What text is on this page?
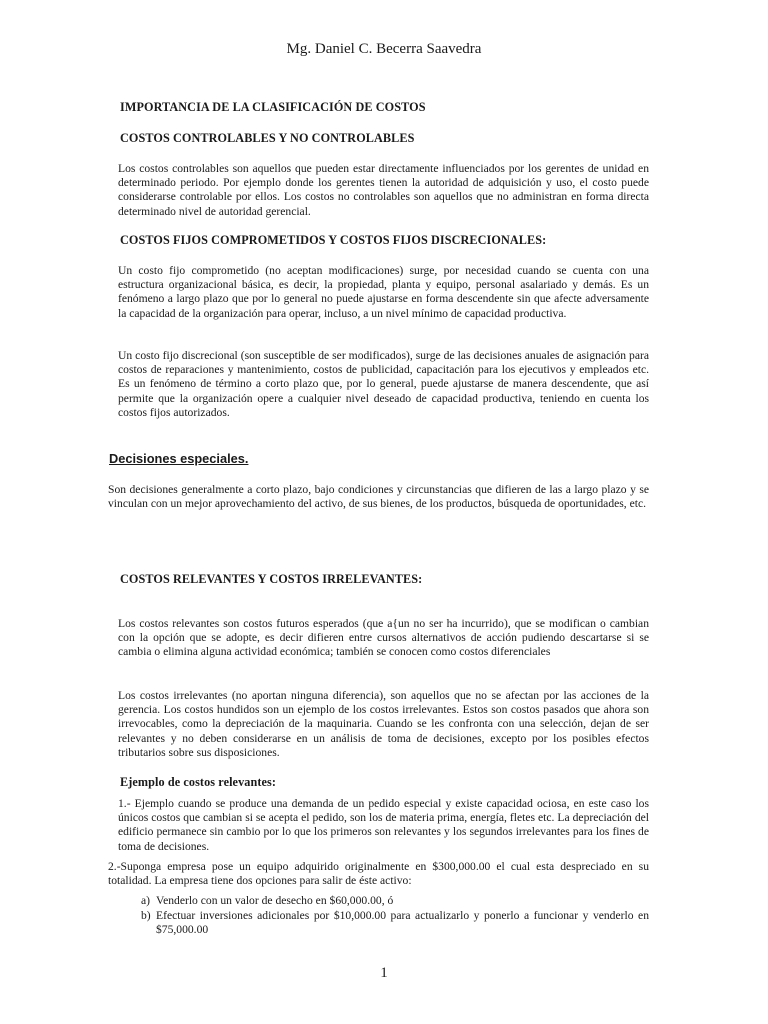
Mg. Daniel C. Becerra Saavedra
IMPORTANCIA DE LA CLASIFICACIÓN DE COSTOS
COSTOS CONTROLABLES Y NO CONTROLABLES
Los costos controlables son aquellos que pueden estar directamente influenciados por los gerentes de unidad en determinado periodo. Por ejemplo donde los gerentes tienen la autoridad de adquisición y uso, el costo puede considerarse controlable por ellos. Los costos no controlables son aquellos que no administran en forma directa determinado nivel de autoridad gerencial.
COSTOS FIJOS COMPROMETIDOS Y COSTOS FIJOS DISCRECIONALES:
Un costo fijo comprometido (no aceptan modificaciones) surge, por necesidad cuando se cuenta con una estructura organizacional básica, es decir, la propiedad, planta y equipo, personal asalariado y demás. Es un fenómeno a largo plazo que por lo general no puede ajustarse en forma descendente sin que afecte adversamente la capacidad de la organización para operar, incluso, a un nivel mínimo de capacidad productiva.
Un costo fijo discrecional (son susceptible de ser modificados), surge de las decisiones anuales de asignación para costos de reparaciones y mantenimiento, costos de publicidad, capacitación para los ejecutivos y empleados etc. Es un fenómeno de término a corto plazo que, por lo general, puede ajustarse de manera descendente, que así permite que la organización opere a cualquier nivel deseado de capacidad productiva, teniendo en cuenta los costos fijos autorizados.
Decisiones especiales.
Son decisiones generalmente a corto plazo, bajo condiciones y circunstancias que difieren de las a largo plazo y se vinculan con un mejor aprovechamiento del activo, de sus bienes, de los productos, búsqueda de oportunidades, etc.
COSTOS RELEVANTES Y COSTOS IRRELEVANTES:
Los costos relevantes son costos futuros esperados (que a{un no ser ha incurrido), que se modifican o cambian con la opción que se adopte, es decir difieren entre cursos alternativos de acción pudiendo descartarse si se cambia o elimina alguna actividad económica; también se conocen como costos diferenciales
Los costos irrelevantes (no aportan ninguna diferencia), son aquellos que no se afectan por las acciones de la gerencia. Los costos hundidos son un ejemplo de los costos irrelevantes. Estos son costos pasados que ahora son irrevocables, como la depreciación de la maquinaria. Cuando se les confronta con una selección, dejan de ser relevantes y no deben considerarse en un análisis de toma de decisiones, excepto por los posibles efectos tributarios sobre sus disposiciones.
Ejemplo de costos relevantes:
1.- Ejemplo cuando se produce una demanda de un pedido especial y existe capacidad ociosa, en este caso los únicos costos que cambian si se acepta el pedido, son los de materia prima, energía, fletes etc. La depreciación del edificio permanece sin cambio por lo que los primeros son relevantes y los segundos irrelevantes para los fines de toma de decisiones.
2.-Suponga empresa pose un equipo adquirido originalmente en $300,000.00 el cual esta despreciado en su totalidad. La empresa tiene dos opciones para salir de éste activo:
a) Venderlo con un valor de desecho en $60,000.00, ó
b) Efectuar inversiones adicionales por $10,000.00 para actualizarlo y ponerlo a funcionar y venderlo en $75,000.00
1
